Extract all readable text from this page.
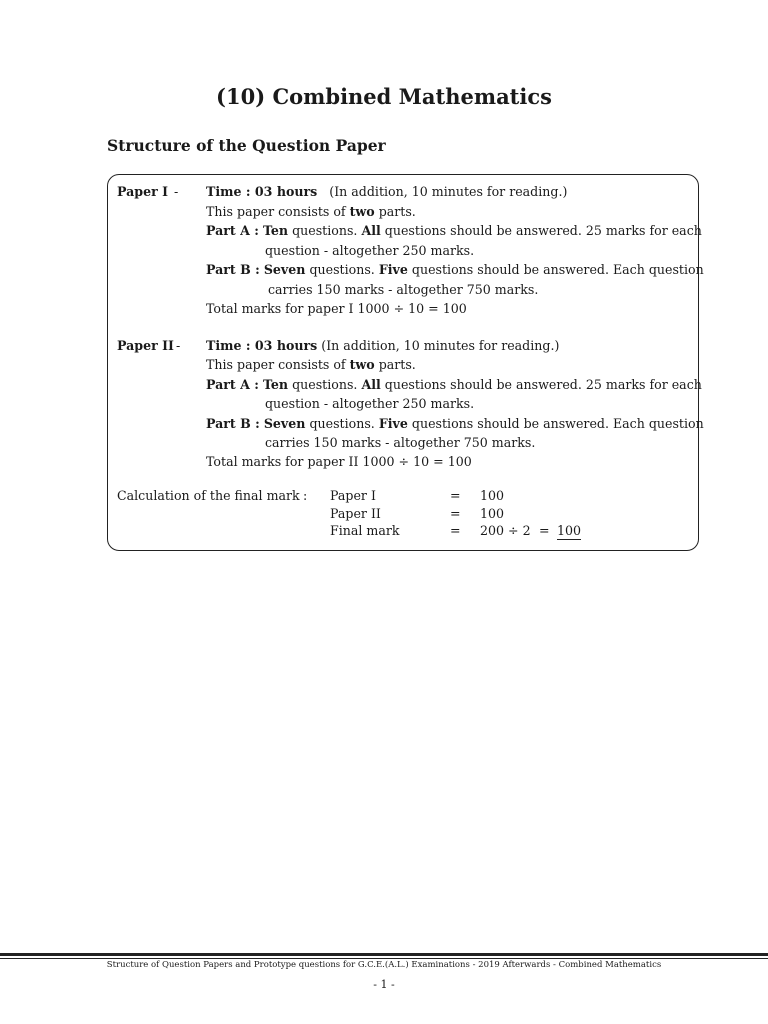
(10) Combined Mathematics
Structure of the Question Paper
Paper I - Time : 03 hours (In addition, 10 minutes for reading.)
This paper consists of two parts.
Part A : Ten questions. All questions should be answered. 25 marks for each
question - altogether 250 marks.
Part B : Seven questions. Five questions should be answered. Each question
carries 150 marks - altogether 750 marks.
Total marks for paper I 1000 ÷ 10 = 100
Paper II - Time : 03 hours (In addition, 10 minutes for reading.)
This paper consists of two parts.
Part A : Ten questions. All questions should be answered. 25 marks for each
question - altogether 250 marks.
Part B : Seven questions. Five questions should be answered. Each question
carries 150 marks - altogether 750 marks.
Total marks for paper II 1000 ÷ 10 = 100
Calculation of the final mark : Paper I	= 100
Paper II	= 100
Final mark	= 200 ÷ 2 = 100
Structure of Question Papers and Prototype questions for G.C.E.(A.L.) Examinations - 2019 Afterwards - Combined Mathematics
- 1 -
